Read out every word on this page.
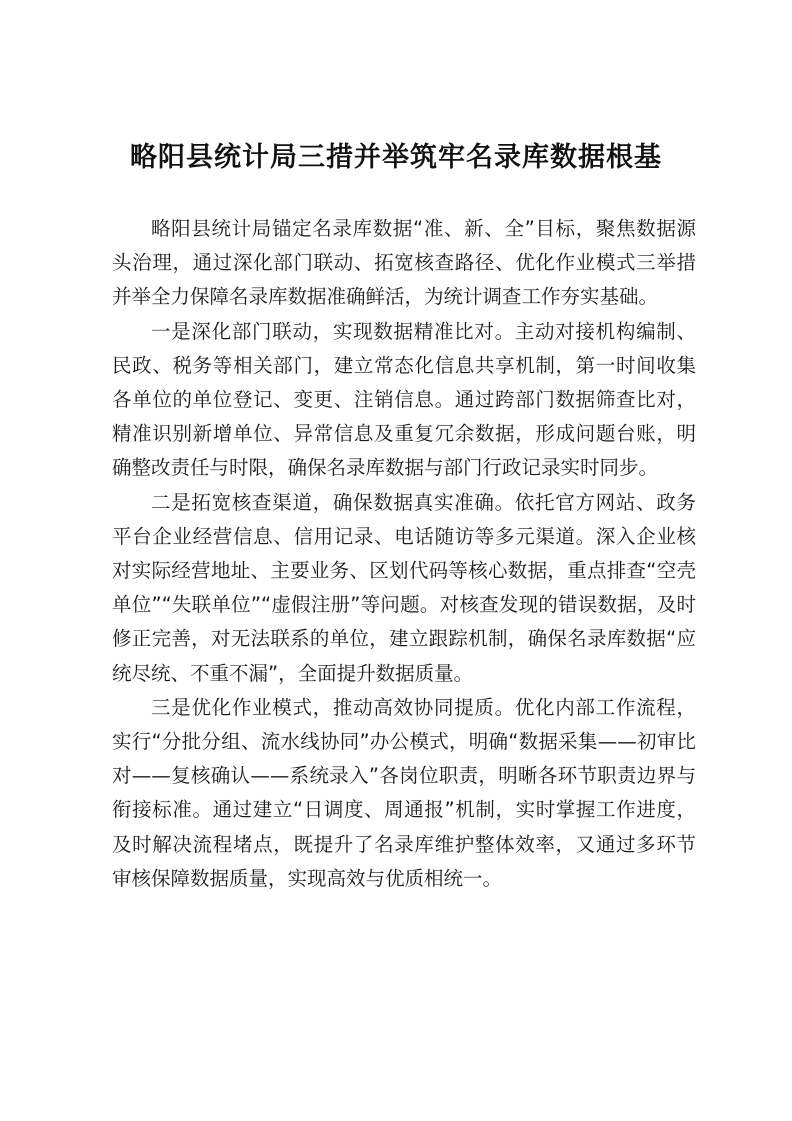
略阳县统计局三措并举筑牢名录库数据根基

略阳县统计局锚定名录库数据“准、新、全”目标，聚焦数据源头治理，通过深化部门联动、拓宽核查路径、优化作业模式三举措并举全力保障名录库数据准确鲜活，为统计调查工作夯实基础。

一是深化部门联动，实现数据精准比对。主动对接机构编制、民政、税务等相关部门，建立常态化信息共享机制，第一时间收集各单位的单位登记、变更、注销信息。通过跨部门数据筛查比对，精准识别新增单位、异常信息及重复冗余数据，形成问题台账，明确整改责任与时限，确保名录库数据与部门行政记录实时同步。

二是拓宽核查渠道，确保数据真实准确。依托官方网站、政务平台企业经营信息、信用记录、电话随访等多元渠道。深入企业核对实际经营地址、主要业务、区划代码等核心数据，重点排查“空壳单位”“失联单位”“虚假注册”等问题。对核查发现的错误数据，及时修正完善，对无法联系的单位，建立跟踪机制，确保名录库数据“应统尽统、不重不漏”，全面提升数据质量。

三是优化作业模式，推动高效协同提质。优化内部工作流程，实行“分批分组、流水线协同”办公模式，明确“数据采集——初审比对——复核确认——系统录入”各岗位职责，明晰各环节职责边界与衔接标准。通过建立“日调度、周通报”机制，实时掌握工作进度，及时解决流程堵点，既提升了名录库维护整体效率，又通过多环节审核保障数据质量，实现高效与优质相统一。
